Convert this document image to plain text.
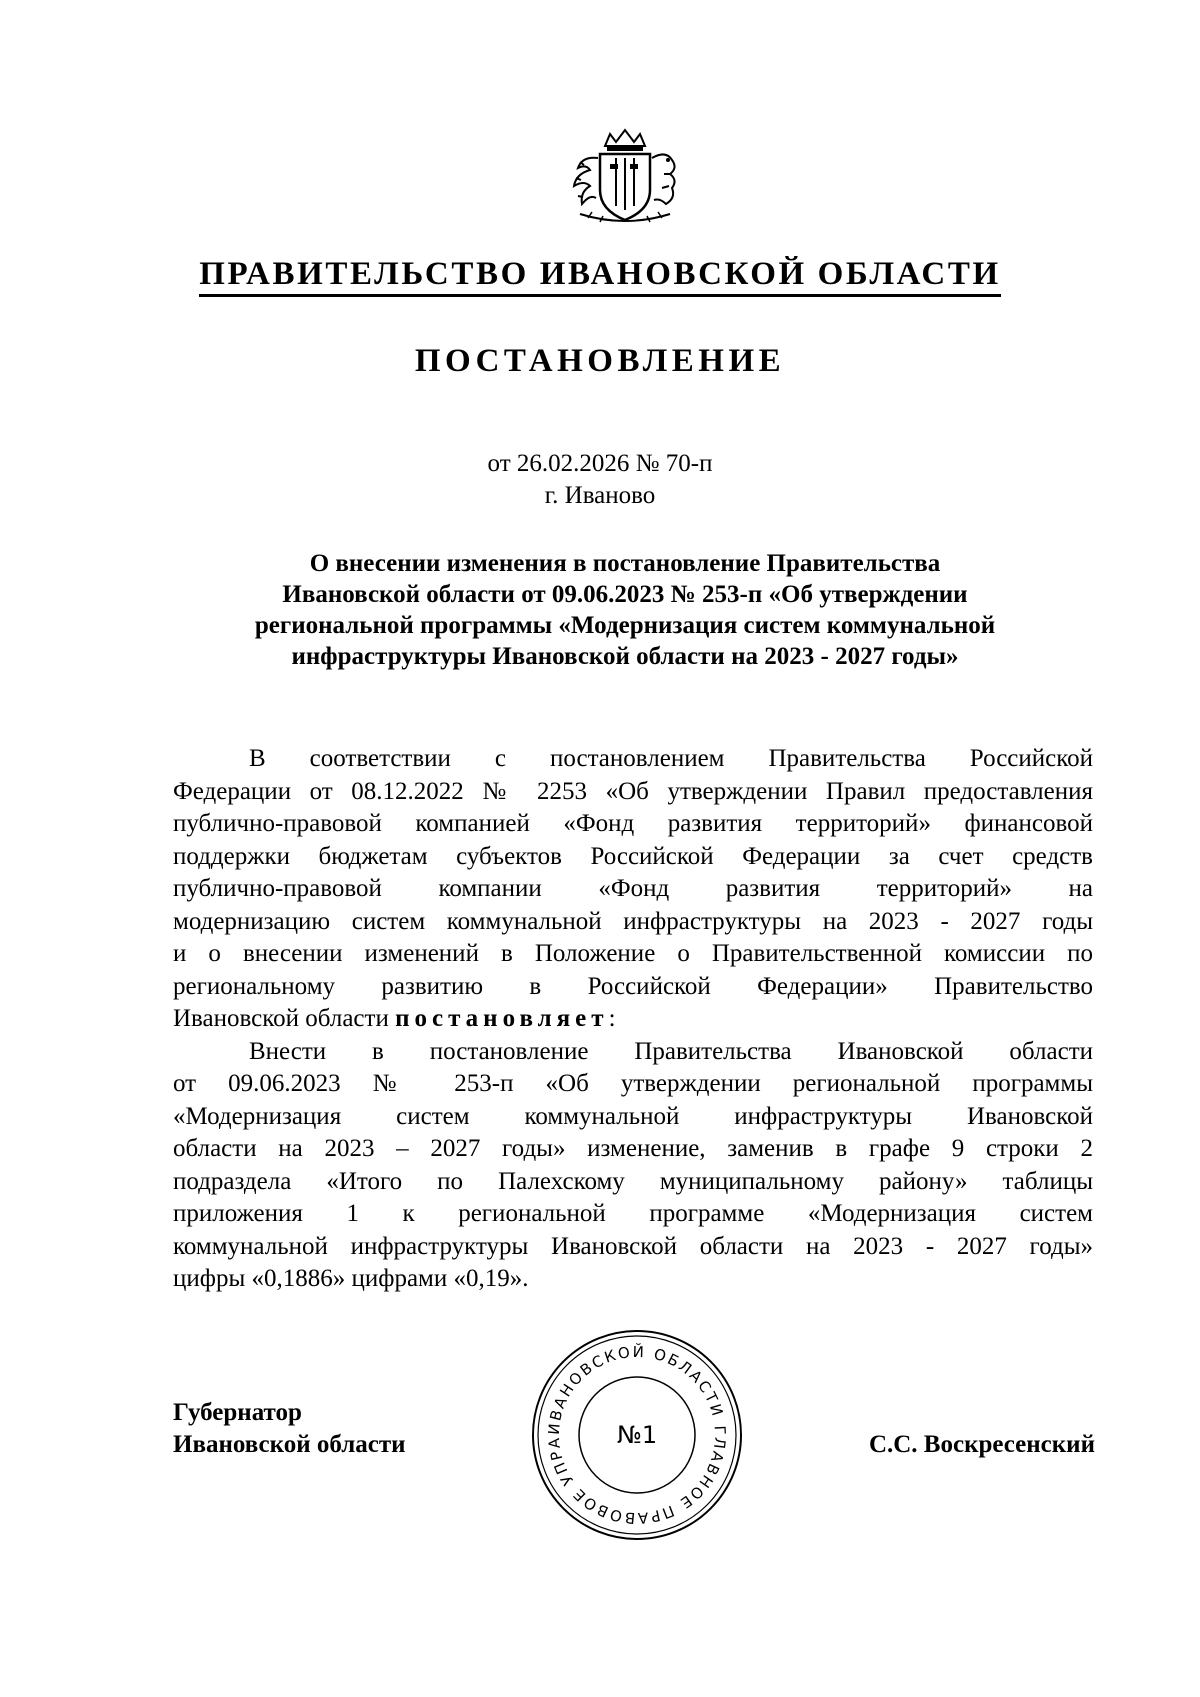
ПРАВИТЕЛЬСТВО ИВАНОВСКОЙ ОБЛАСТИ
ПОСТАНОВЛЕНИЕ
от 26.02.2026 № 70-п
г. Иваново
О внесении изменения в постановление Правительства
Ивановской области от 09.06.2023 № 253-п «Об утверждении
региональной программы «Модернизация систем коммунальной
инфраструктуры Ивановской области на 2023 - 2027 годы»
В соответствии с постановлением Правительства Российской
Федерации от 08.12.2022 № 2253 «Об утверждении Правил предоставления
публично-правовой компанией «Фонд развития территорий» финансовой
поддержки бюджетам субъектов Российской Федерации за счет средств
публично-правовой компании «Фонд развития территорий» на
модернизацию систем коммунальной инфраструктуры на 2023 - 2027 годы
и о внесении изменений в Положение о Правительственной комиссии по
региональному развитию в Российской Федерации» Правительство
Ивановской области постановляет:
Внести в постановление Правительства Ивановской области
от 09.06.2023 № 253-п «Об утверждении региональной программы
«Модернизация систем коммунальной инфраструктуры Ивановской
области на 2023 – 2027 годы» изменение, заменив в графе 9 строки 2
подраздела «Итого по Палехскому муниципальному району» таблицы
приложения 1 к региональной программе «Модернизация систем
коммунальной инфраструктуры Ивановской области на 2023 - 2027 годы»
цифры «0,1886» цифрами «0,19».
Губернатор
Ивановской области	С.С. Воскресенский
ИВАНОВСКОЙ ОБЛАСТИ ГЛАВНОЕ ПРАВОВОЕ УПРА	№1
